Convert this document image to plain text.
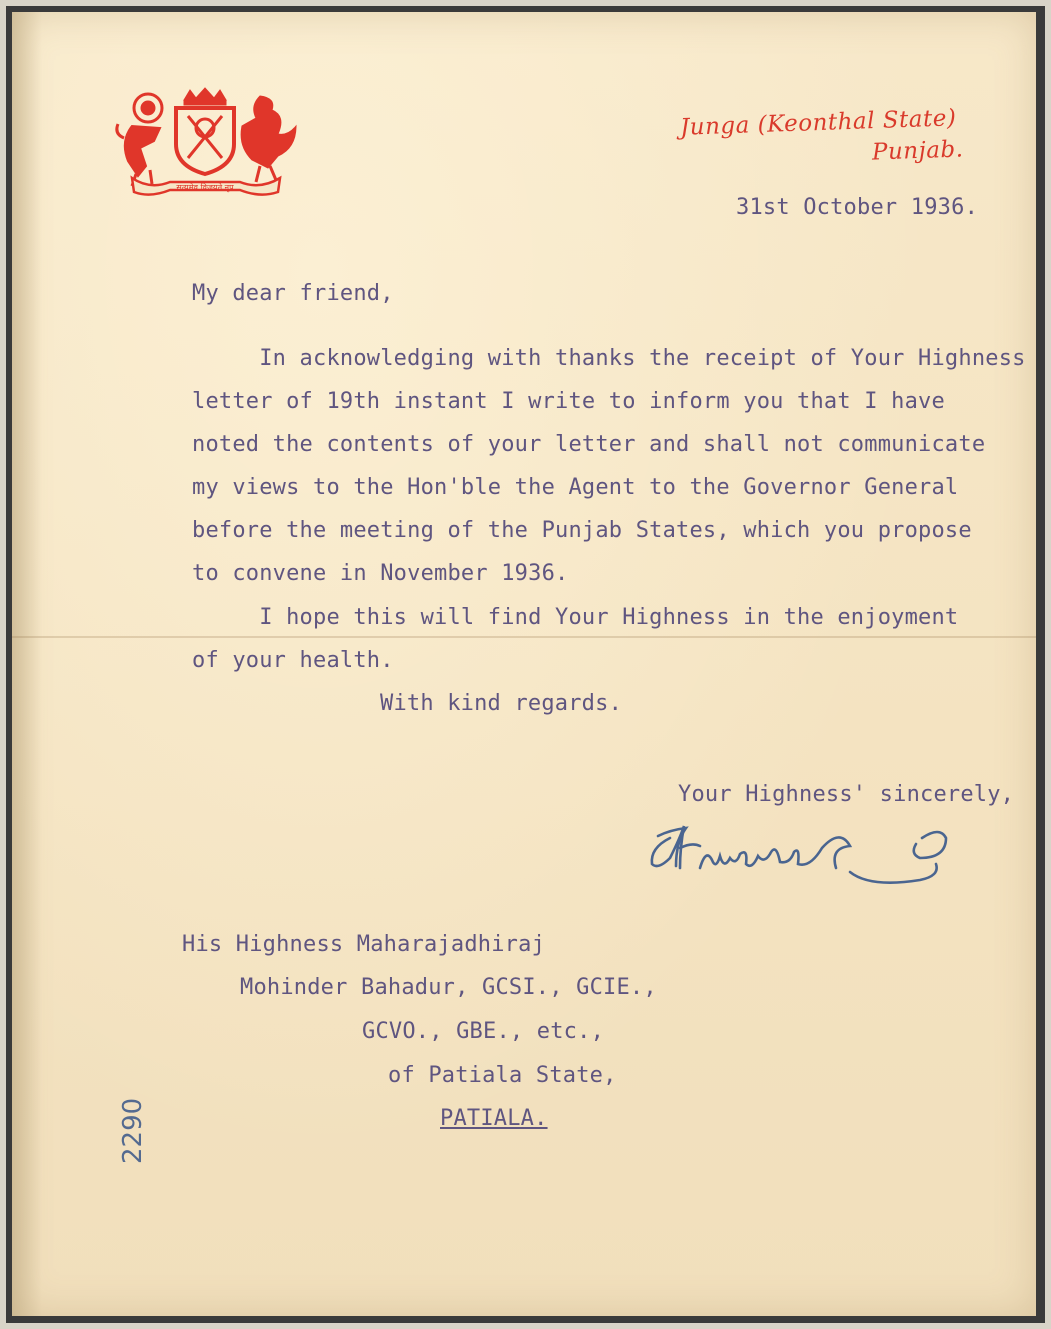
सत्यमेव विजयते नृप
Junga (Keonthal State)
Punjab.
31st October 1936.
My dear friend,
In acknowledging with thanks the receipt of Your Highness
letter of 19th instant I write to inform you that I have
noted the contents of your letter and shall not communicate
my views to the Hon'ble the Agent to the Governor General
before the meeting of the Punjab States, which you propose
to convene in November 1936.
I hope this will find Your Highness in the enjoyment
of your health.
With kind regards.
Your Highness' sincerely,
Hemendra Sen
His Highness Maharajadhiraj
Mohinder Bahadur, GCSI., GCIE.,
GCVO., GBE., etc.,
of Patiala State,
PATIALA.
2290
